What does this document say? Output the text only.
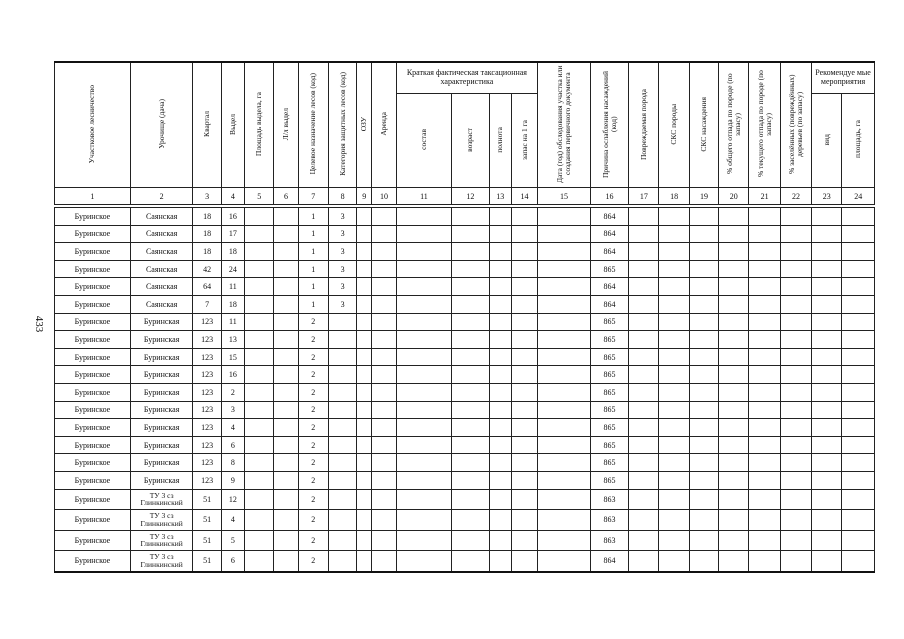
433
Участковое лесничество	Урочище (дача)	Квартал	Выдел	Площадь выдела, га	Л/л выдел	Целевое назначение лесов (код)	Категория защитных лесов (код)	ОЗУ	Аренда	Краткая фактическая таксационная характеристика				Дата (год) обследования участка или создания первичного документа	Причина ослабления насаждений (код)	Повреждаемая порода	СКС породы	СКС насаждения	% общего отпада по породе (по запасу)	% текущего отпада по породе (по запасу)	% заселённых (повреждённых) деревьев (по запасу)	Рекомендуе мые мероприятия	
										состав	возраст	полнота	запас на 1 га									вид	площадь, га
1	2	3	4	5	6	7	8	9	10	11	12	13	14	15	16	17	18	19	20	21	22	23	24

Буринское	Саянская	18	16			1	3								864								
Буринское	Саянская	18	17			1	3								864								
Буринское	Саянская	18	18			1	3								864								
Буринское	Саянская	42	24			1	3								865								
Буринское	Саянская	64	11			1	3								864								
Буринское	Саянская	7	18			1	3								864								
Буринское	Буринская	123	11			2									865								
Буринское	Буринская	123	13			2									865								
Буринское	Буринская	123	15			2									865								
Буринское	Буринская	123	16			2									865								
Буринское	Буринская	123	2			2									865								
Буринское	Буринская	123	3			2									865								
Буринское	Буринская	123	4			2									865								
Буринское	Буринская	123	6			2									865								
Буринское	Буринская	123	8			2									865								
Буринское	Буринская	123	9			2									865								
Буринское	ТУ 3 сз Глинкинский	51	12			2									863								
Буринское	ТУ 3 сз Глинкинский	51	4			2									863								
Буринское	ТУ 3 сз Глинкинский	51	5			2									863								
Буринское	ТУ 3 сз Глинкинский	51	6			2									864								
